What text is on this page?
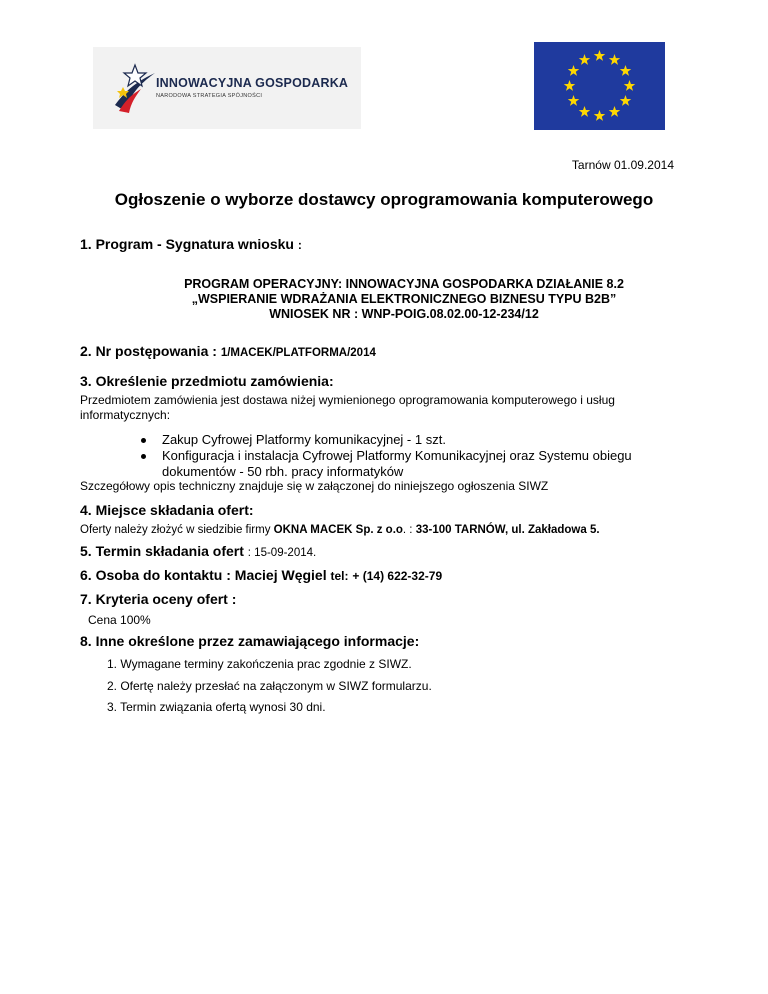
INNOWACYJNA GOSPODARKA
NARODOWA STRATEGIA SPÓJNOŚCI
Tarnów 01.09.2014
Ogłoszenie o wyborze dostawcy oprogramowania komputerowego
1. Program - Sygnatura wniosku :
PROGRAM OPERACYJNY: INNOWACYJNA GOSPODARKA DZIAŁANIE 8.2
„WSPIERANIE WDRAŻANIA ELEKTRONICZNEGO BIZNESU TYPU B2B”
WNIOSEK NR : WNP-POIG.08.02.00-12-234/12
2. Nr postępowania : 1/MACEK/PLATFORMA/2014
3. Określenie przedmiotu zamówienia:
Przedmiotem zamówienia jest dostawa niżej wymienionego oprogramowania komputerowego i usług
informatycznych:
Zakup Cyfrowej Platformy komunikacyjnej - 1 szt.
Konfiguracja i instalacja Cyfrowej Platformy Komunikacyjnej oraz Systemu obiegu
dokumentów - 50 rbh. pracy informatyków
Szczegółowy opis techniczny znajduje się w załączonej do niniejszego ogłoszenia SIWZ
4. Miejsce składania ofert:
Oferty należy złożyć w siedzibie firmy OKNA MACEK Sp. z o.o. : 33-100 TARNÓW, ul. Zakładowa 5.
5. Termin składania ofert : 15-09-2014.
6. Osoba do kontaktu : Maciej Węgiel tel: + (14) 622-32-79
7. Kryteria oceny ofert :
Cena 100%
8. Inne określone przez zamawiającego informacje:
1. Wymagane terminy zakończenia prac zgodnie z SIWZ.
2. Ofertę należy przesłać na załączonym w SIWZ formularzu.
3. Termin związania ofertą wynosi 30 dni.
